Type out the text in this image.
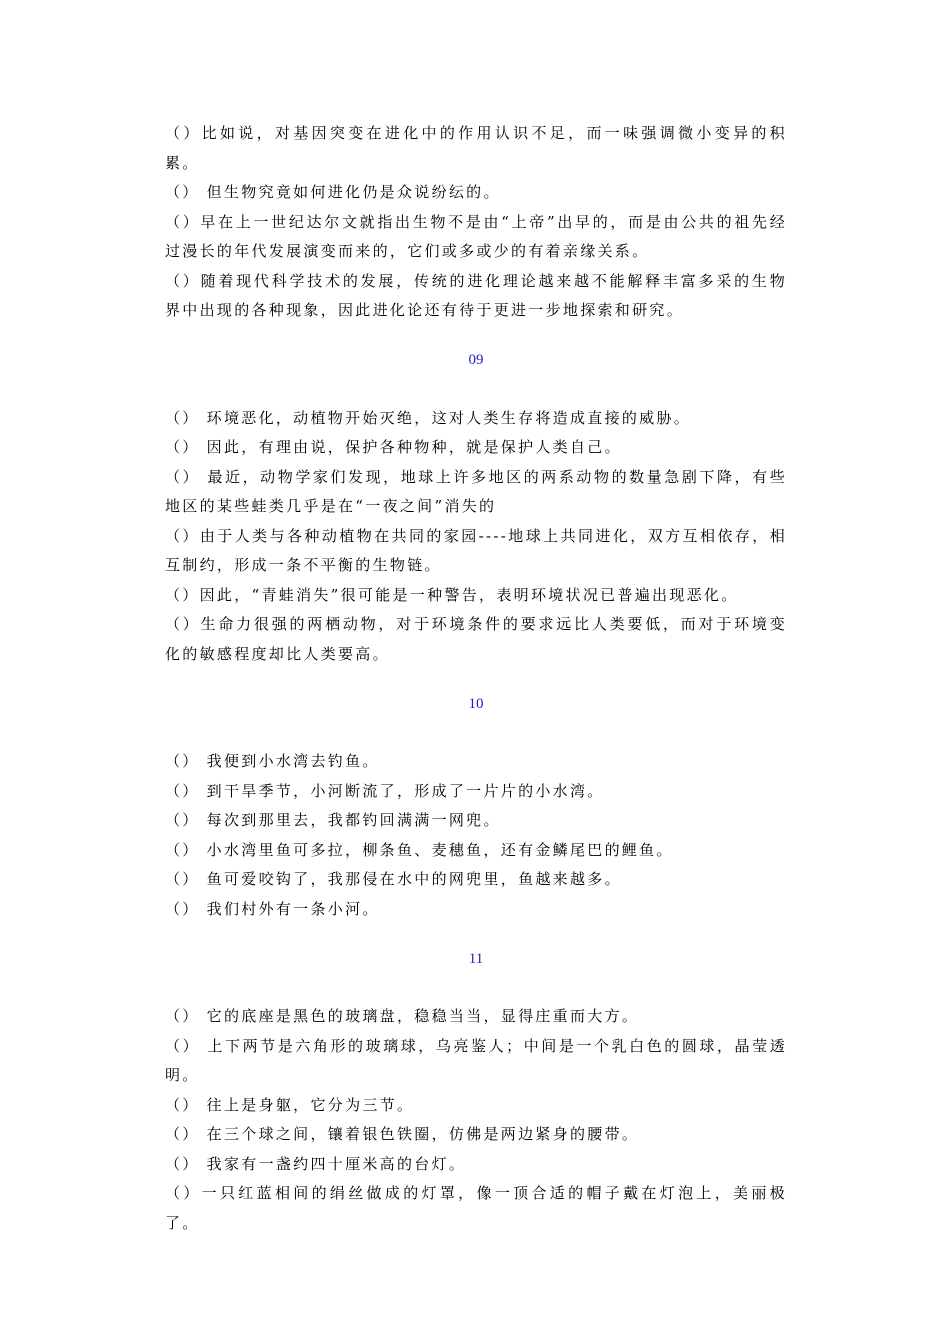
（）比如说，对基因突变在进化中的作用认识不足，而一味强调微小变异的积累。

（） 但生物究竟如何进化仍是众说纷纭的。

（）早在上一世纪达尔文就指出生物不是由“上帝”出早的，而是由公共的祖先经过漫长的年代发展演变而来的，它们或多或少的有着亲缘关系。

（）随着现代科学技术的发展，传统的进化理论越来越不能解释丰富多采的生物界中出现的各种现象，因此进化论还有待于更进一步地探索和研究。

09

（） 环境恶化，动植物开始灭绝，这对人类生存将造成直接的威胁。

（） 因此，有理由说，保护各种物种，就是保护人类自己。

（） 最近，动物学家们发现，地球上许多地区的两系动物的数量急剧下降，有些地区的某些蛙类几乎是在“一夜之间”消失的

（）由于人类与各种动植物在共同的家园----地球上共同进化，双方互相依存，相互制约，形成一条不平衡的生物链。

（）因此，“青蛙消失”很可能是一种警告，表明环境状况已普遍出现恶化。

（）生命力很强的两栖动物，对于环境条件的要求远比人类要低，而对于环境变化的敏感程度却比人类要高。

10

（） 我便到小水湾去钓鱼。

（） 到干旱季节，小河断流了，形成了一片片的小水湾。

（） 每次到那里去，我都钓回满满一网兜。

（） 小水湾里鱼可多拉，柳条鱼、麦穗鱼，还有金鳞尾巴的鲤鱼。

（） 鱼可爱咬钩了，我那侵在水中的网兜里，鱼越来越多。

（） 我们村外有一条小河。

11

（） 它的底座是黑色的玻璃盘，稳稳当当，显得庄重而大方。

（） 上下两节是六角形的玻璃球，乌亮鉴人；中间是一个乳白色的圆球，晶莹透明。

（） 往上是身躯，它分为三节。

（） 在三个球之间，镶着银色铁圈，仿佛是两边紧身的腰带。

（） 我家有一盏约四十厘米高的台灯。

（）一只红蓝相间的绢丝做成的灯罩，像一顶合适的帽子戴在灯泡上，美丽极了。
